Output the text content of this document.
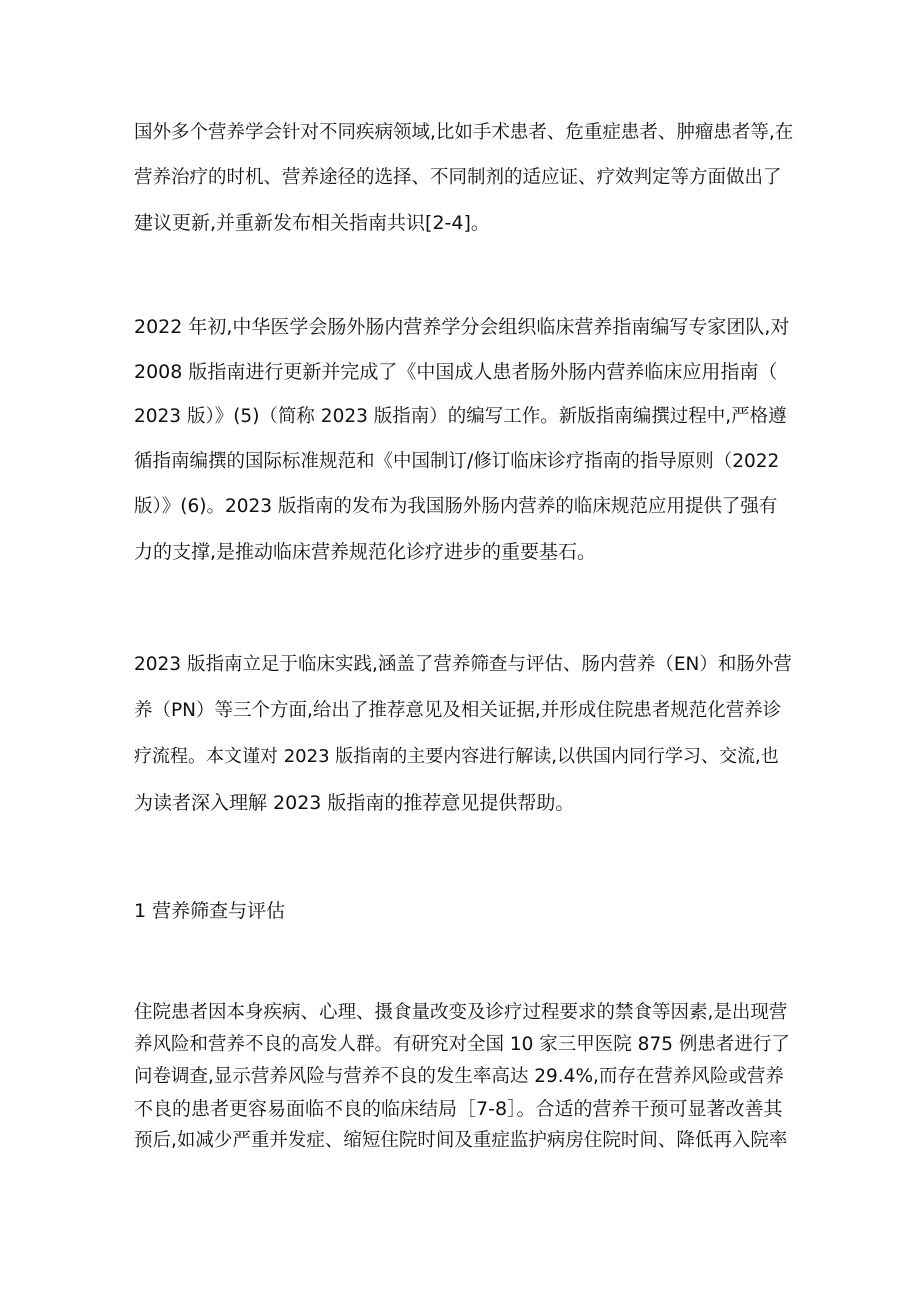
国外多个营养学会针对不同疾病领域,比如手术患者、危重症患者、肿瘤患者等,在
营养治疗的时机、营养途径的选择、不同制剂的适应证、疗效判定等方面做出了
建议更新,并重新发布相关指南共识[2-4]。
2022 年初,中华医学会肠外肠内营养学分会组织临床营养指南编写专家团队,对
2008 版指南进行更新并完成了《中国成人患者肠外肠内营养临床应用指南（
2023 版）》(5)（简称 2023 版指南）的编写工作。新版指南编撰过程中,严格遵
循指南编撰的国际标准规范和《中国制订/修订临床诊疗指南的指导原则（2022
版）》(6)。2023 版指南的发布为我国肠外肠内营养的临床规范应用提供了强有
力的支撑,是推动临床营养规范化诊疗进步的重要基石。
2023 版指南立足于临床实践,涵盖了营养筛查与评估、肠内营养（EN）和肠外营
养（PN）等三个方面,给出了推荐意见及相关证据,并形成住院患者规范化营养诊
疗流程。本文谨对 2023 版指南的主要内容进行解读,以供国内同行学习、交流,也
为读者深入理解 2023 版指南的推荐意见提供帮助。
1 营养筛查与评估
住院患者因本身疾病、心理、摄食量改变及诊疗过程要求的禁食等因素,是出现营
养风险和营养不良的高发人群。有研究对全国 10 家三甲医院 875 例患者进行了
问卷调查,显示营养风险与营养不良的发生率高达 29.4%,而存在营养风险或营养
不良的患者更容易面临不良的临床结局［7-8］。合适的营养干预可显著改善其
预后,如减少严重并发症、缩短住院时间及重症监护病房住院时间、降低再入院率
